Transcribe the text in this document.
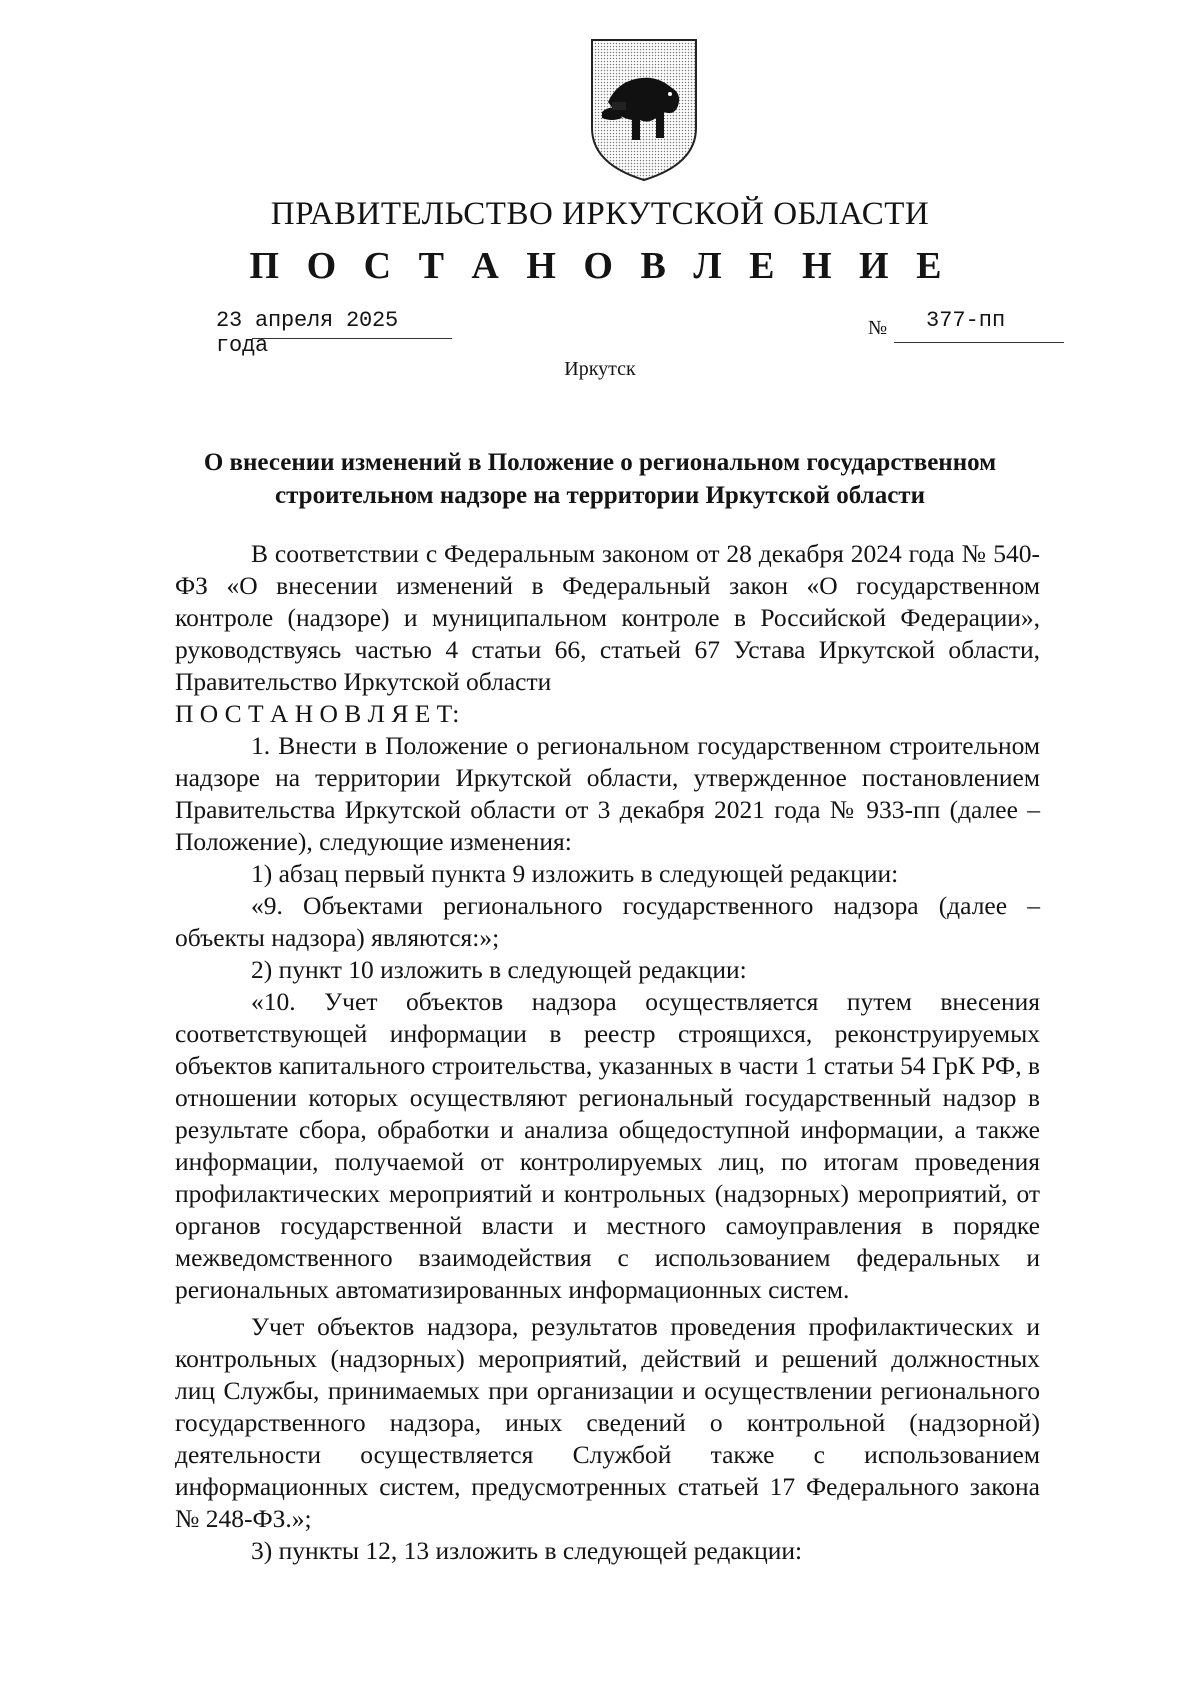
ПРАВИТЕЛЬСТВО ИРКУТСКОЙ ОБЛАСТИ
П О С Т А Н О В Л Е Н И Е
23 апреля 2025 года
№ 377-пп
Иркутск
О внесении изменений в Положение о региональном государственном
строительном надзоре на территории Иркутской области

В соответствии с Федеральным законом от 28 декабря 2024 года № 540-ФЗ «О внесении изменений в Федеральный закон «О государственном контроле (надзоре) и муниципальном контроле в Российской Федерации», руководствуясь частью 4 статьи 66, статьей 67 Устава Иркутской области, Правительство Иркутской области

П О С Т А Н О В Л Я Е Т:

1. Внести в Положение о региональном государственном строительном надзоре на территории Иркутской области, утвержденное постановлением Правительства Иркутской области от 3 декабря 2021 года № 933-пп (далее – Положение), следующие изменения:

1) абзац первый пункта 9 изложить в следующей редакции:

«9. Объектами регионального государственного надзора (далее – объекты надзора) являются:»;

2) пункт 10 изложить в следующей редакции:

«10. Учет объектов надзора осуществляется путем внесения соответствующей информации в реестр строящихся, реконструируемых объектов капитального строительства, указанных в части 1 статьи 54 ГрК РФ, в отношении которых осуществляют региональный государственный надзор в результате сбора, обработки и анализа общедоступной информации, а также информации, получаемой от контролируемых лиц, по итогам проведения профилактических мероприятий и контрольных (надзорных) мероприятий, от органов государственной власти и местного самоуправления в порядке межведомственного взаимодействия с использованием федеральных и региональных автоматизированных информационных систем.

Учет объектов надзора, результатов проведения профилактических и контрольных (надзорных) мероприятий, действий и решений должностных лиц Службы, принимаемых при организации и осуществлении регионального государственного надзора, иных сведений о контрольной (надзорной) деятельности осуществляется Службой также с использованием информационных систем, предусмотренных статьей 17 Федерального закона № 248-ФЗ.»;

3) пункты 12, 13 изложить в следующей редакции:
